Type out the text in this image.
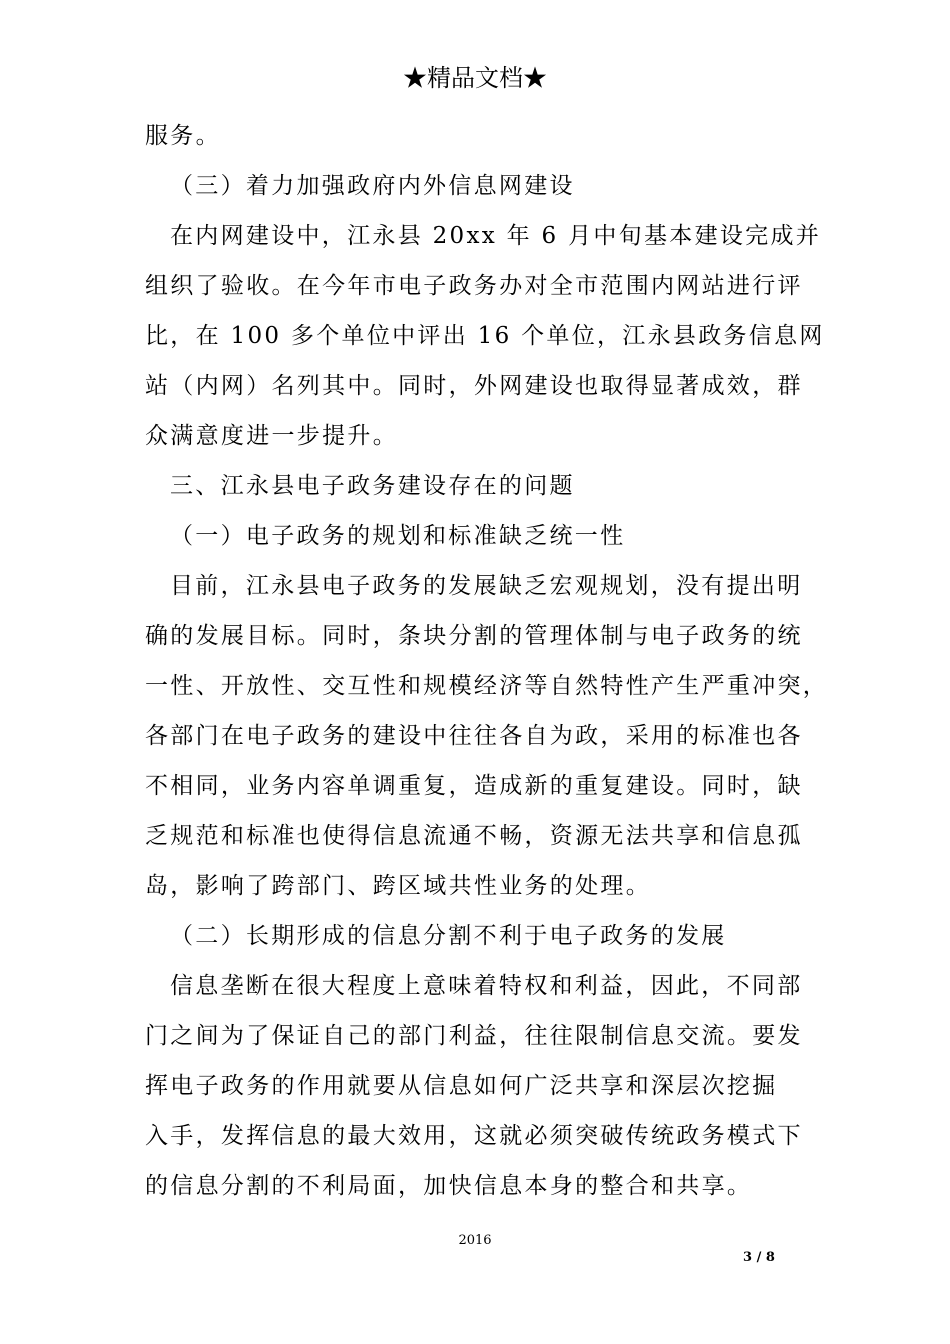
★精品文档★

服务。

（三）着力加强政府内外信息网建设

在内网建设中，江永县 20xx 年 6 月中旬基本建设完成并

组织了验收。在今年市电子政务办对全市范围内网站进行评

比，在 100 多个单位中评出 16 个单位，江永县政务信息网

站（内网）名列其中。同时，外网建设也取得显著成效，群

众满意度进一步提升。

三、江永县电子政务建设存在的问题

（一）电子政务的规划和标准缺乏统一性

目前，江永县电子政务的发展缺乏宏观规划，没有提出明

确的发展目标。同时，条块分割的管理体制与电子政务的统

一性、开放性、交互性和规模经济等自然特性产生严重冲突，

各部门在电子政务的建设中往往各自为政，采用的标准也各

不相同，业务内容单调重复，造成新的重复建设。同时，缺

乏规范和标准也使得信息流通不畅，资源无法共享和信息孤

岛，影响了跨部门、跨区域共性业务的处理。

（二）长期形成的信息分割不利于电子政务的发展

信息垄断在很大程度上意味着特权和利益，因此，不同部

门之间为了保证自己的部门利益，往往限制信息交流。要发

挥电子政务的作用就要从信息如何广泛共享和深层次挖掘

入手，发挥信息的最大效用，这就必须突破传统政务模式下

的信息分割的不利局面，加快信息本身的整合和共享。

2016
3 / 8
